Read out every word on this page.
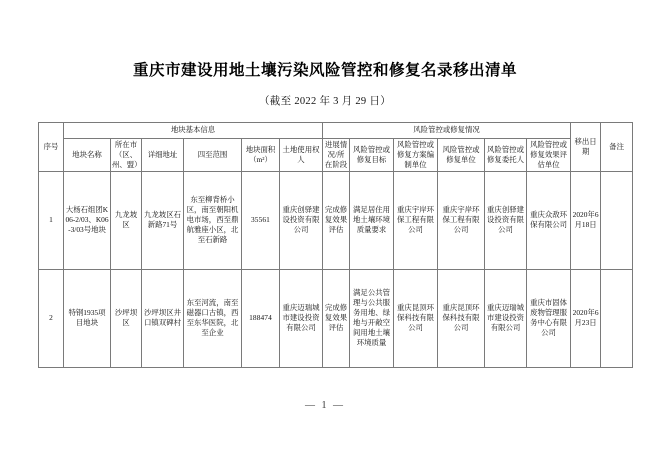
重庆市建设用地土壤污染风险管控和修复名录移出清单
（截至 2022 年 3 月 29 日）
序号	地块基本信息						风险管控或修复情况						移出日期	备注
	地块名称	所在市（区、州、盟）	详细地址	四至范围	地块面积（m²）	土地使用权人	进展情况/所在阶段	风险管控或修复目标	风险管控或修复方案编制单位	风险管控或修复单位	风险管控或修复委托人	风险管控或修复效果评估单位		
1	大杨石组团K06-2/03、K06-3/03号地块	九龙坡区	九龙坡区石新路71号	东至柳背桥小区，南至朝阳机电市场，西至鼎航雅座小区，北至石新路	35561	重庆创驿建设投资有限公司	完成修复效果评估	满足居住用地土壤环境质量要求	重庆宇岸环保工程有限公司	重庆宇岸环保工程有限公司	重庆创驿建设投资有限公司	重庆众敌环保有限公司	2020年6月18日	
2	特钢1935项目地块	沙坪坝区	沙坪坝区井口镇双碑村	东至河流，南至磁器口古镇，西至东华医院，北至企业	188474	重庆迈瑞城市建设投资有限公司	完成修复效果评估	满足公共管理与公共服务用地、绿地与开敞空间用地土壤环境质量	重庆昆顶环保科技有限公司	重庆昆顶环保科技有限公司	重庆迈瑞城市建设投资有限公司	重庆市固体废物管理服务中心有限公司	2020年6月23日	
— 1 —
